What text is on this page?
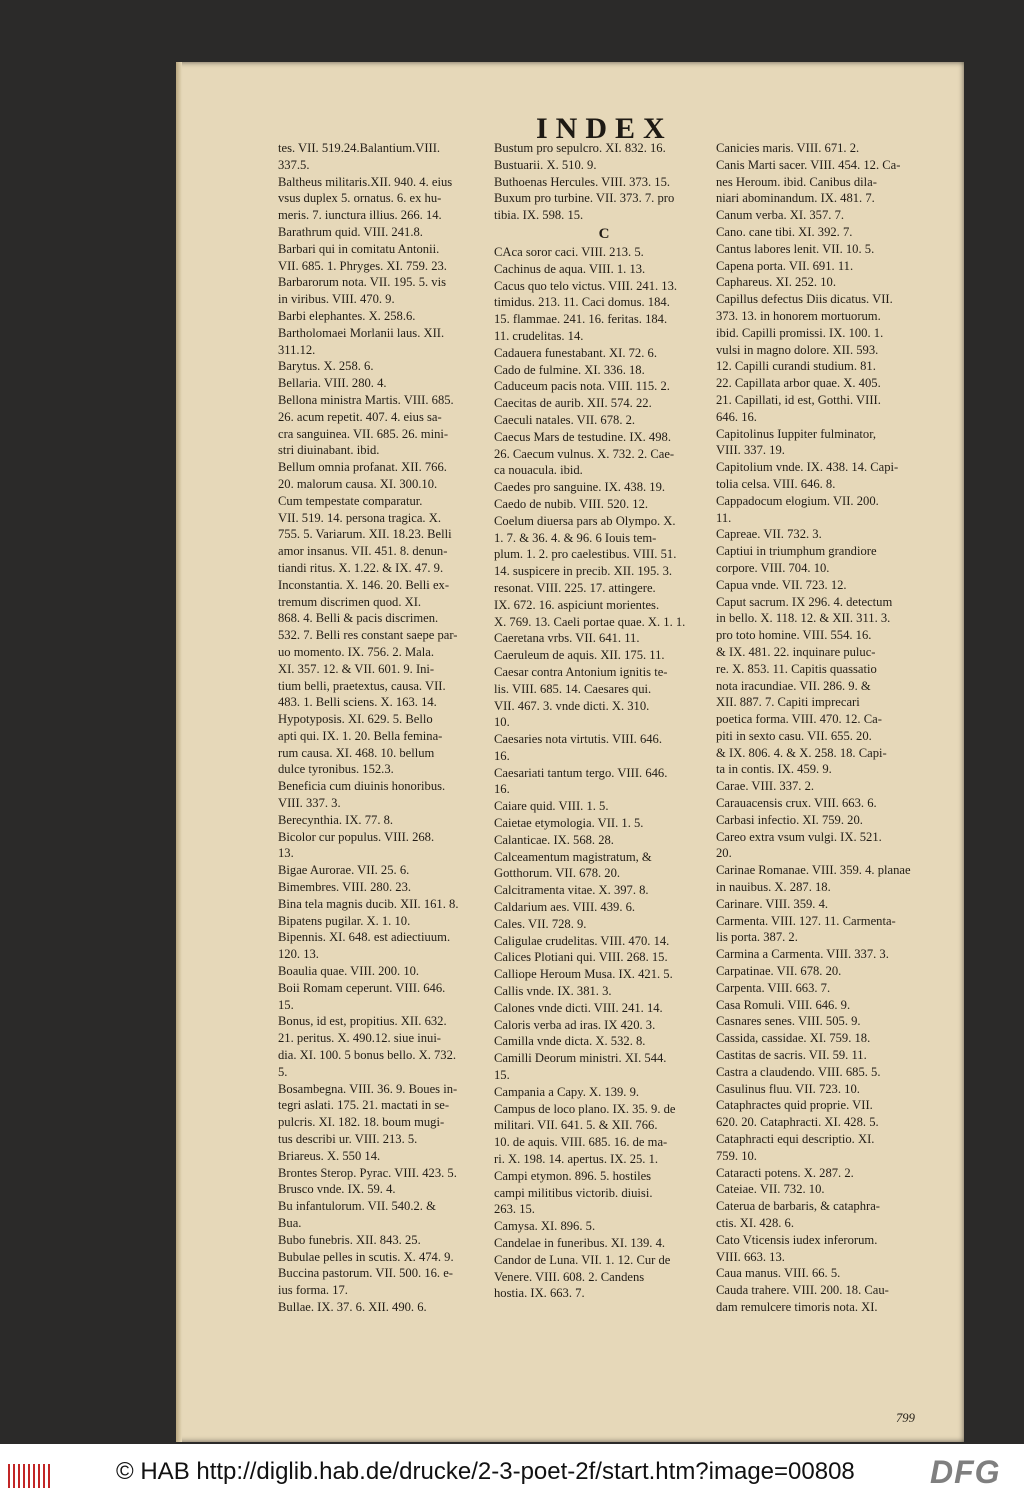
INDEX
tes. VII. 519.24.Balantium.VIII.
337.5.
Baltheus militaris.XII. 940. 4. eius
vsus duplex 5. ornatus. 6. ex hu-
meris. 7. iunctura illius. 266. 14.
Barathrum quid. VIII. 241.8.
Barbari qui in comitatu Antonii.
VII. 685. 1. Phryges. XI. 759. 23.
Barbarorum nota. VII. 195. 5. vis
in viribus. VIII. 470. 9.
Barbi elephantes. X. 258.6.
Bartholomaei Morlanii laus. XII.
311.12.
Barytus. X. 258. 6.
Bellaria. VIII. 280. 4.
Bellona ministra Martis. VIII. 685.
26. acum repetit. 407. 4. eius sa-
cra sanguinea. VII. 685. 26. mini-
stri diuinabant. ibid.
Bellum omnia profanat. XII. 766.
20. malorum causa. XI. 300.10.
Cum tempestate comparatur.
VII. 519. 14. persona tragica. X.
755. 5. Variarum. XII. 18.23. Belli
amor insanus. VII. 451. 8. denun-
tiandi ritus. X. 1.22. & IX. 47. 9.
Inconstantia. X. 146. 20. Belli ex-
tremum discrimen quod. XI.
868. 4. Belli & pacis discrimen.
532. 7. Belli res constant saepe par-
uo momento. IX. 756. 2. Mala.
XI. 357. 12. & VII. 601. 9. Ini-
tium belli, praetextus, causa. VII.
483. 1. Belli sciens. X. 163. 14.
Hypotyposis. XI. 629. 5. Bello
apti qui. IX. 1. 20. Bella femina-
rum causa. XI. 468. 10. bellum
dulce tyronibus. 152.3.
Beneficia cum diuinis honoribus.
VIII. 337. 3.
Berecynthia. IX. 77. 8.
Bicolor cur populus. VIII. 268.
13.
Bigae Aurorae. VII. 25. 6.
Bimembres. VIII. 280. 23.
Bina tela magnis ducib. XII. 161. 8.
Bipatens pugilar. X. 1. 10.
Bipennis. XI. 648. est adiectiuum.
120. 13.
Boaulia quae. VIII. 200. 10.
Boii Romam ceperunt. VIII. 646.
15.
Bonus, id est, propitius. XII. 632.
21. peritus. X. 490.12. siue inui-
dia. XI. 100. 5 bonus bello. X. 732.
5.
Bosambegna. VIII. 36. 9. Boues in-
tegri aslati. 175. 21. mactati in se-
pulcris. XI. 182. 18. boum mugi-
tus describi ur. VIII. 213. 5.
Briareus. X. 550 14.
Brontes Sterop. Pyrac. VIII. 423. 5.
Brusco vnde. IX. 59. 4.
Bu infantulorum. VII. 540.2. &
Bua.
Bubo funebris. XII. 843. 25.
Bubulae pelles in scutis. X. 474. 9.
Buccina pastorum. VII. 500. 16. e-
ius forma. 17.
Bullae. IX. 37. 6. XII. 490. 6.
Bustum pro sepulcro. XI. 832. 16.
Bustuarii. X. 510. 9.
Buthoenas Hercules. VIII. 373. 15.
Buxum pro turbine. VII. 373. 7. pro
tibia. IX. 598. 15.
C
CAca soror caci. VIII. 213. 5.
Cachinus de aqua. VIII. 1. 13.
Cacus quo telo victus. VIII. 241. 13.
timidus. 213. 11. Caci domus. 184.
15. flammae. 241. 16. feritas. 184.
11. crudelitas. 14.
Cadauera funestabant. XI. 72. 6.
Cado de fulmine. XI. 336. 18.
Caduceum pacis nota. VIII. 115. 2.
Caecitas de aurib. XII. 574. 22.
Caeculi natales. VII. 678. 2.
Caecus Mars de testudine. IX. 498.
26. Caecum vulnus. X. 732. 2. Cae-
ca nouacula. ibid.
Caedes pro sanguine. IX. 438. 19.
Caedo de nubib. VIII. 520. 12.
Coelum diuersa pars ab Olympo. X.
1. 7. & 36. 4. & 96. 6 Iouis tem-
plum. 1. 2. pro caelestibus. VIII. 51.
14. suspicere in precib. XII. 195. 3.
resonat. VIII. 225. 17. attingere.
IX. 672. 16. aspiciunt morientes.
X. 769. 13. Caeli portae quae. X. 1. 1.
Caeretana vrbs. VII. 641. 11.
Caeruleum de aquis. XII. 175. 11.
Caesar contra Antonium ignitis te-
lis. VIII. 685. 14. Caesares qui.
VII. 467. 3. vnde dicti. X. 310.
10.
Caesaries nota virtutis. VIII. 646.
16.
Caesariati tantum tergo. VIII. 646.
16.
Caiare quid. VIII. 1. 5.
Caietae etymologia. VII. 1. 5.
Calanticae. IX. 568. 28.
Calceamentum magistratum, &
Gotthorum. VII. 678. 20.
Calcitramenta vitae. X. 397. 8.
Caldarium aes. VIII. 439. 6.
Cales. VII. 728. 9.
Caligulae crudelitas. VIII. 470. 14.
Calices Plotiani qui. VIII. 268. 15.
Calliope Heroum Musa. IX. 421. 5.
Callis vnde. IX. 381. 3.
Calones vnde dicti. VIII. 241. 14.
Caloris verba ad iras. IX 420. 3.
Camilla vnde dicta. X. 532. 8.
Camilli Deorum ministri. XI. 544.
15.
Campania a Capy. X. 139. 9.
Campus de loco plano. IX. 35. 9. de
militari. VII. 641. 5. & XII. 766.
10. de aquis. VIII. 685. 16. de ma-
ri. X. 198. 14. apertus. IX. 25. 1.
Campi etymon. 896. 5. hostiles
campi militibus victorib. diuisi.
263. 15.
Camysa. XI. 896. 5.
Candelae in funeribus. XI. 139. 4.
Candor de Luna. VII. 1. 12. Cur de
Venere. VIII. 608. 2. Candens
hostia. IX. 663. 7.
Canicies maris. VIII. 671. 2.
Canis Marti sacer. VIII. 454. 12. Ca-
nes Heroum. ibid. Canibus dila-
niari abominandum. IX. 481. 7.
Canum verba. XI. 357. 7.
Cano. cane tibi. XI. 392. 7.
Cantus labores lenit. VII. 10. 5.
Capena porta. VII. 691. 11.
Caphareus. XI. 252. 10.
Capillus defectus Diis dicatus. VII.
373. 13. in honorem mortuorum.
ibid. Capilli promissi. IX. 100. 1.
vulsi in magno dolore. XII. 593.
12. Capilli curandi studium. 81.
22. Capillata arbor quae. X. 405.
21. Capillati, id est, Gotthi. VIII.
646. 16.
Capitolinus Iuppiter fulminator,
VIII. 337. 19.
Capitolium vnde. IX. 438. 14. Capi-
tolia celsa. VIII. 646. 8.
Cappadocum elogium. VII. 200.
11.
Capreae. VII. 732. 3.
Captiui in triumphum grandiore
corpore. VIII. 704. 10.
Capua vnde. VII. 723. 12.
Caput sacrum. IX 296. 4. detectum
in bello. X. 118. 12. & XII. 311. 3.
pro toto homine. VIII. 554. 16.
& IX. 481. 22. inquinare puluc-
re. X. 853. 11. Capitis quassatio
nota iracundiae. VII. 286. 9. &
XII. 887. 7. Capiti imprecari
poetica forma. VIII. 470. 12. Ca-
piti in sexto casu. VII. 655. 20.
& IX. 806. 4. & X. 258. 18. Capi-
ta in contis. IX. 459. 9.
Carae. VIII. 337. 2.
Carauacensis crux. VIII. 663. 6.
Carbasi infectio. XI. 759. 20.
Careo extra vsum vulgi. IX. 521.
20.
Carinae Romanae. VIII. 359. 4. planae
in nauibus. X. 287. 18.
Carinare. VIII. 359. 4.
Carmenta. VIII. 127. 11. Carmenta-
lis porta. 387. 2.
Carmina a Carmenta. VIII. 337. 3.
Carpatinae. VII. 678. 20.
Carpenta. VIII. 663. 7.
Casa Romuli. VIII. 646. 9.
Casnares senes. VIII. 505. 9.
Cassida, cassidae. XI. 759. 18.
Castitas de sacris. VII. 59. 11.
Castra a claudendo. VIII. 685. 5.
Casulinus fluu. VII. 723. 10.
Cataphractes quid proprie. VII.
620. 20. Cataphracti. XI. 428. 5.
Cataphracti equi descriptio. XI.
759. 10.
Cataracti potens. X. 287. 2.
Cateiae. VII. 732. 10.
Caterua de barbaris, & cataphra-
ctis. XI. 428. 6.
Cato Vticensis iudex inferorum.
VIII. 663. 13.
Caua manus. VIII. 66. 5.
Cauda trahere. VIII. 200. 18. Cau-
dam remulcere timoris nota. XI.
799
© HAB http://diglib.hab.de/drucke/2-3-poet-2f/start.htm?image=00808 DFG
